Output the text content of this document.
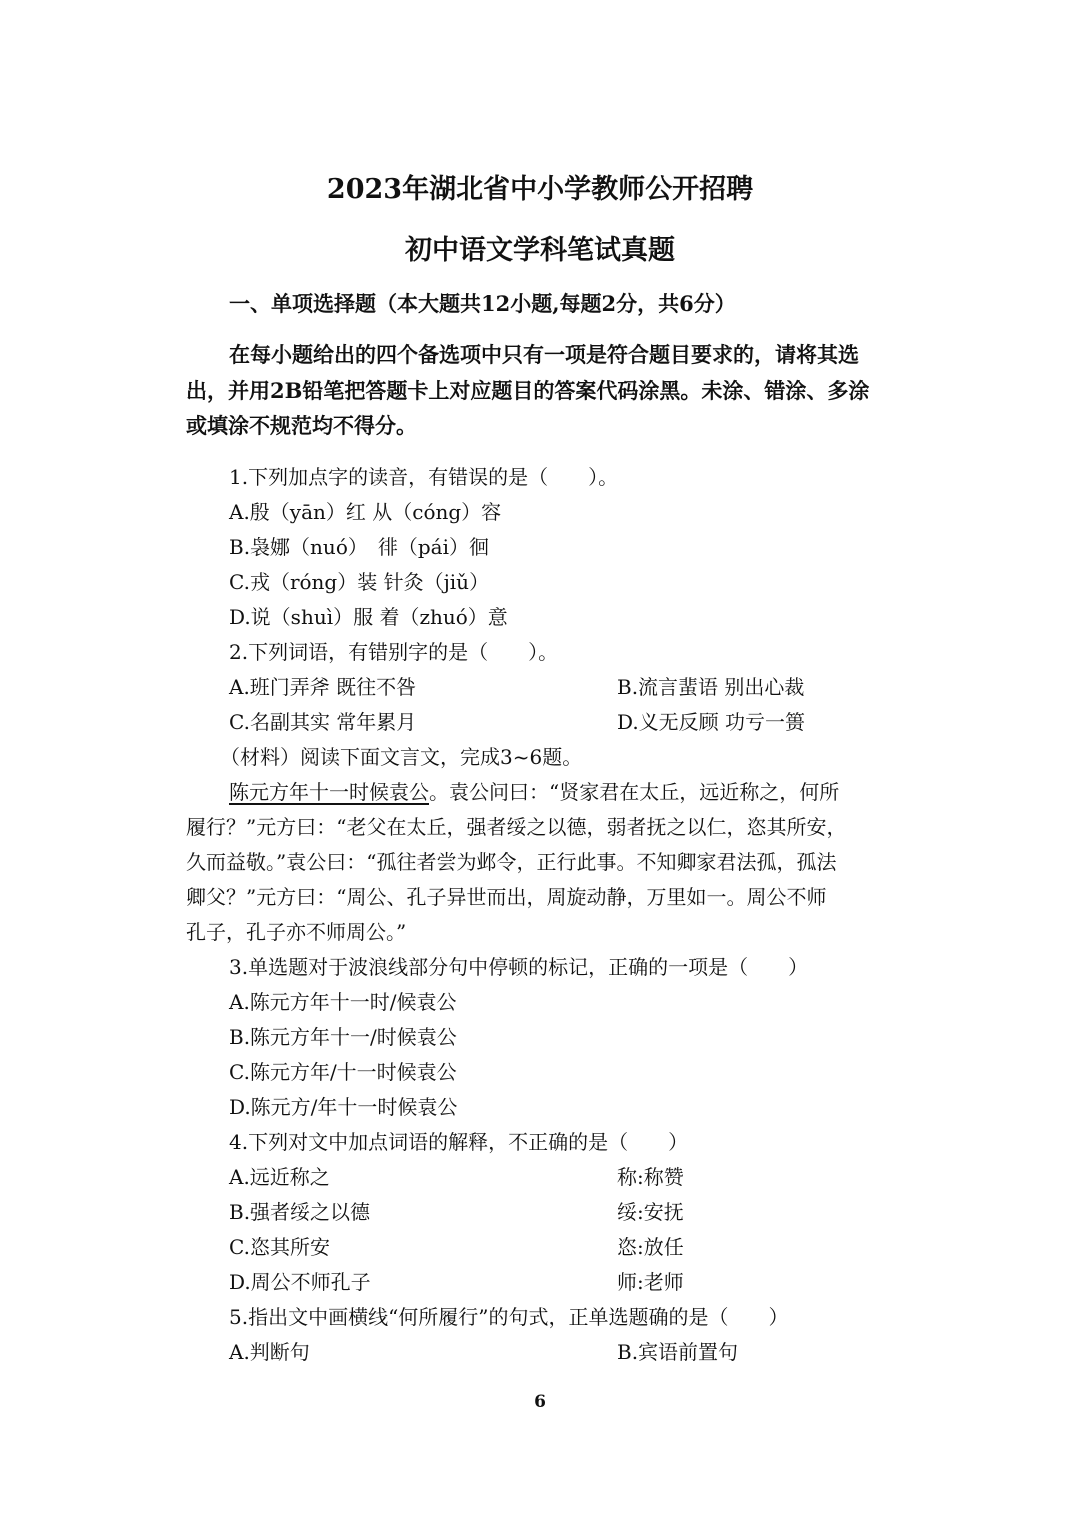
2023年湖北省中小学教师公开招聘
初中语文学科笔试真题
一、单项选择题（本大题共12小题,每题2分，共6分）
在每小题给出的四个备选项中只有一项是符合题目要求的，请将其选
出，并用2B铅笔把答题卡上对应题目的答案代码涂黑。未涂、错涂、多涂
或填涂不规范均不得分。
1.下列加点字的读音，有错误的是（　　）。
A.殷（yān）红 从（cóng）容
B.袅娜（nuó）　徘（pái）徊
C.戎（róng）装 针灸（jiǔ）
D.说（shuì）服 着（zhuó）意
2.下列词语，有错别字的是（　　）。
A.班门弄斧 既往不咎	B.流言蜚语 别出心裁
C.名副其实 常年累月	D.义无反顾 功亏一篑
（材料）阅读下面文言文，完成3~6题。
陈元方年十一时候袁公。袁公问曰：“贤家君在太丘，远近称之，何所
履行？”元方曰：“老父在太丘，强者绥之以德，弱者抚之以仁，恣其所安，
久而益敬。”袁公曰：“孤往者尝为邺令，正行此事。不知卿家君法孤，孤法
卿父？”元方曰：“周公、孔子异世而出，周旋动静，万里如一。周公不师
孔子，孔子亦不师周公。”
3.单选题对于波浪线部分句中停顿的标记，正确的一项是（　　）
A.陈元方年十一时/候袁公
B.陈元方年十一/时候袁公
C.陈元方年/十一时候袁公
D.陈元方/年十一时候袁公
4.下列对文中加点词语的解释，不正确的是（　　）
A.远近称之	称:称赞
B.强者绥之以德	绥:安抚
C.恣其所安	恣:放任
D.周公不师孔子	师:老师
5.指出文中画横线“何所履行”的句式，正单选题确的是（　　）
A.判断句	B.宾语前置句
6
